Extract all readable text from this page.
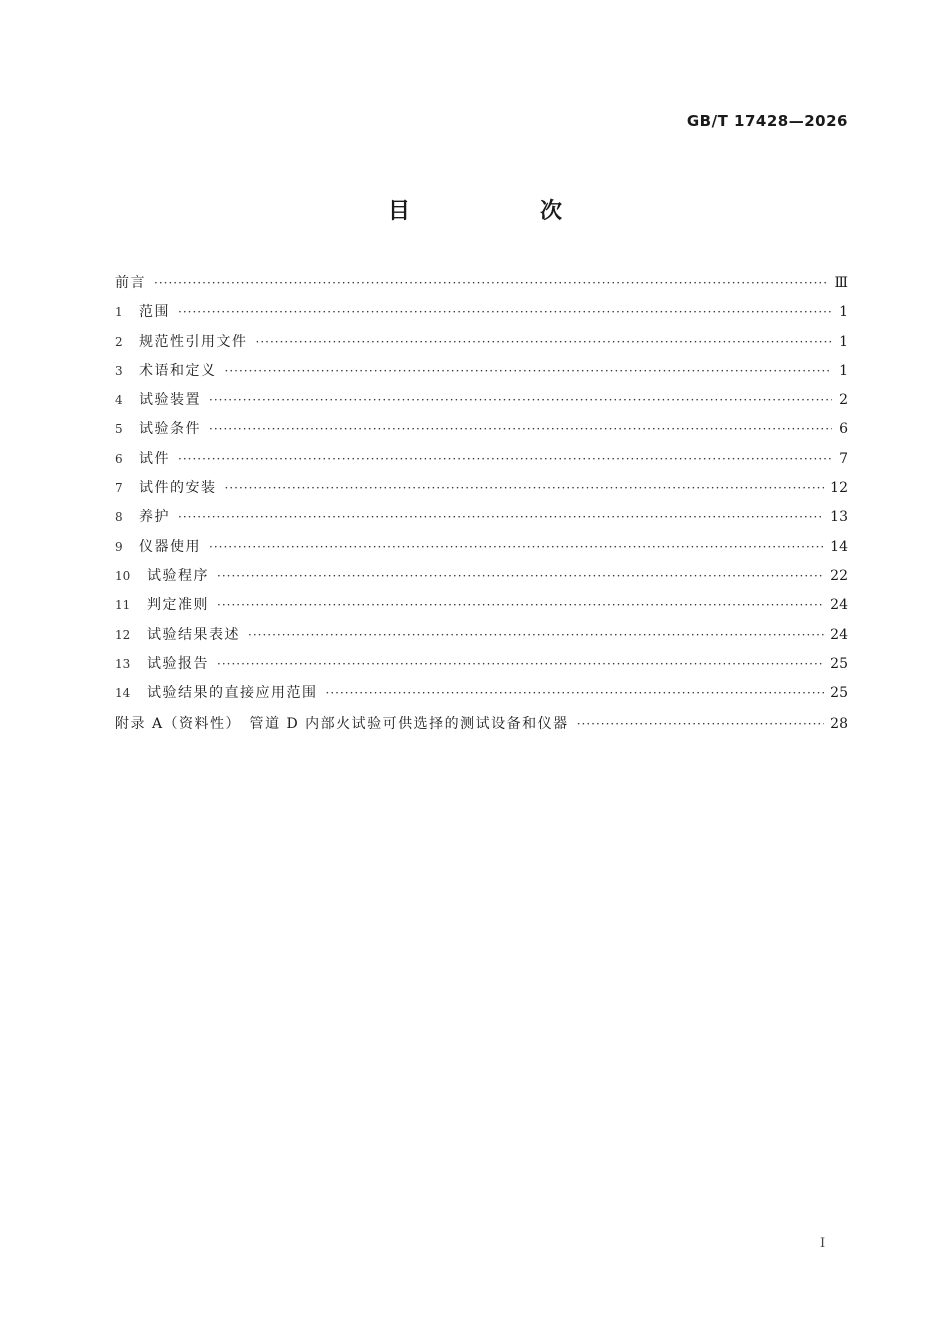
GB/T 17428—2026
目　次
前言 ·····	Ⅲ
1	范围 ·····	1
2	规范性引用文件 ·····	1
3	术语和定义 ·····	1
4	试验装置 ·····	2
5	试验条件 ·····	6
6	试件 ·····	7
7	试件的安装 ·····	12
8	养护 ·····	13
9	仪器使用 ·····	14
10	试验程序 ·····	22
11	判定准则 ·····	24
12	试验结果表述 ·····	24
13	试验报告 ·····	25
14	试验结果的直接应用范围 ·····	25
附录 A（资料性）　管道 D 内部火试验可供选择的测试设备和仪器 ·····	28
I
